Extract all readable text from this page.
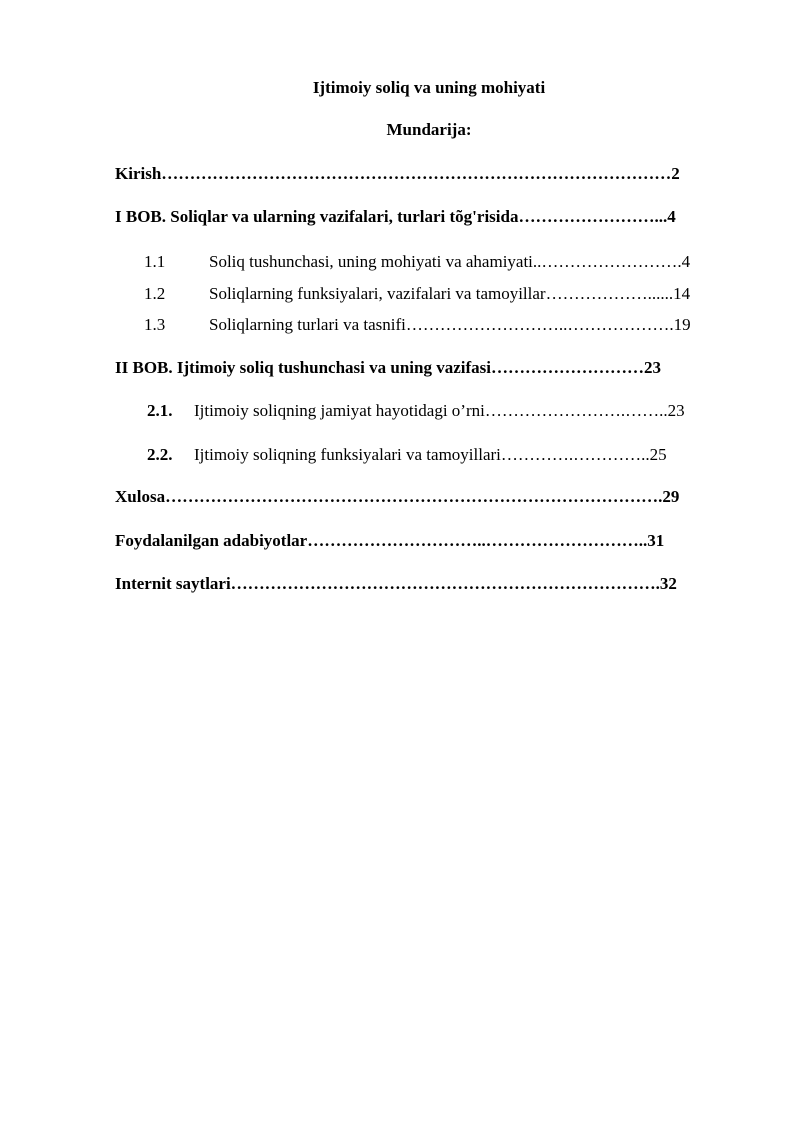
Ijtimoiy soliq va uning mohiyati
Mundarija:
Kirish………………………………………………………………………………2
I BOB. Soliqlar va ularning vazifalari, turlari tõg'risida……………………...4
1.1	Soliq tushunchasi, uning mohiyati va ahamiyati..…………………….4
1.2	Soliqlarning funksiyalari, vazifalari va tamoyillar………………......14
1.3	Soliqlarning turlari va tasnifi………………………..……………….19
II BOB. Ijtimoiy soliq tushunchasi va uning vazifasi………………………23
2.1. Ijtimoiy soliqning jamiyat hayotidagi o’rni…………………….……..23
2.2. Ijtimoiy soliqning funksiyalari va tamoyillari………….…………..25
Xulosa…………………………………………………………………………….29
Foydalanilgan adabiyotlar…………………………..………………………..31
Internit saytlari………………………………………………………………….32
